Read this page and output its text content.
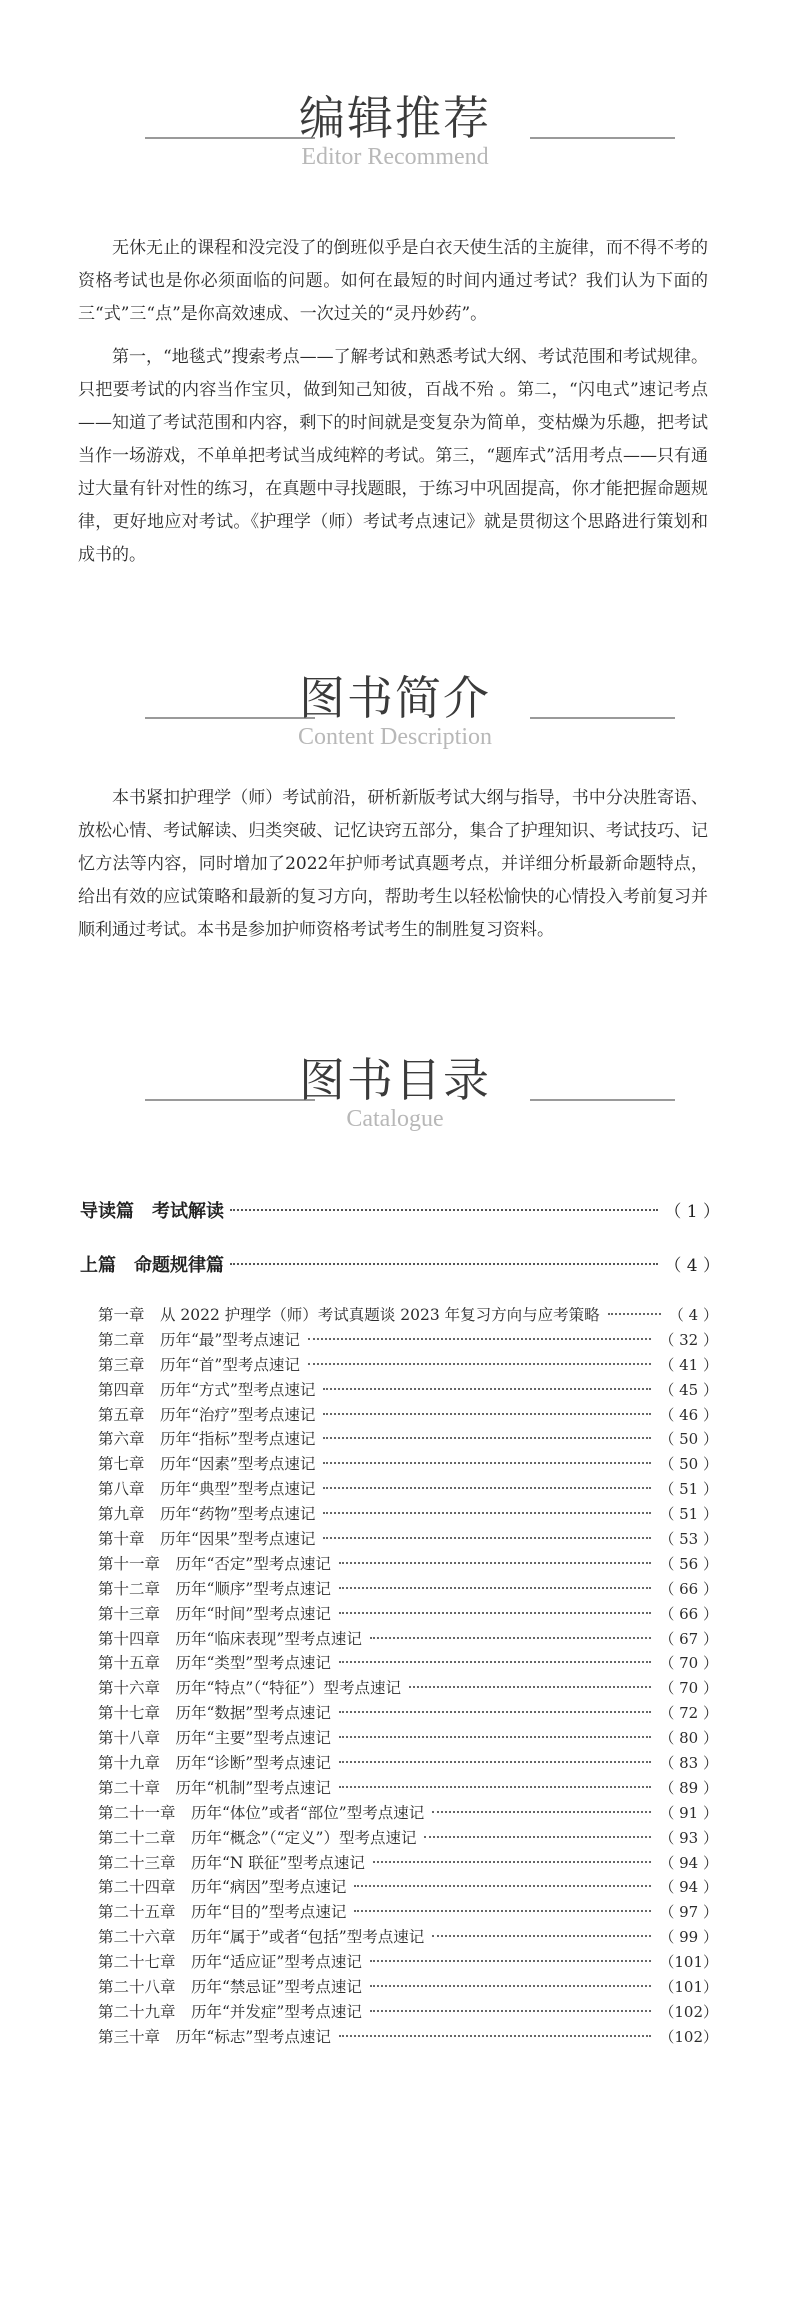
编辑推荐
Editor Recommend

无休无止的课程和没完没了的倒班似乎是白衣天使生活的主旋律，而不得不考的资格考试也是你必须面临的问题。如何在最短的时间内通过考试？我们认为下面的三“式”三“点”是你高效速成、一次过关的“灵丹妙药”。

第一，“地毯式”搜索考点——了解考试和熟悉考试大纲、考试范围和考试规律。只把要考试的内容当作宝贝，做到知己知彼，百战不殆 。第二，“闪电式”速记考点——知道了考试范围和内容，剩下的时间就是变复杂为简单，变枯燥为乐趣，把考试当作一场游戏，不单单把考试当成纯粹的考试。第三，“题库式”活用考点——只有通过大量有针对性的练习，在真题中寻找题眼，于练习中巩固提高，你才能把握命题规律，更好地应对考试。《护理学（师）考试考点速记》就是贯彻这个思路进行策划和成书的。

图书简介
Content Description

本书紧扣护理学（师）考试前沿，研析新版考试大纲与指导，书中分决胜寄语、放松心情、考试解读、归类突破、记忆诀窍五部分，集合了护理知识、考试技巧、记忆方法等内容，同时增加了2022年护师考试真题考点，并详细分析最新命题特点，给出有效的应试策略和最新的复习方向，帮助考生以轻松愉快的心情投入考前复习并顺利通过考试。本书是参加护师资格考试考生的制胜复习资料。

图书目录
Catalogue
导读篇　考试解读	（ 1 ）
上篇　命题规律篇	（ 4 ）
第一章　从 2022 护理学（师）考试真题谈 2023 年复习方向与应考策略	（ 4 ）
第二章　历年“最”型考点速记	（ 32 ）
第三章　历年“首”型考点速记	（ 41 ）
第四章　历年“方式”型考点速记	（ 45 ）
第五章　历年“治疗”型考点速记	（ 46 ）
第六章　历年“指标”型考点速记	（ 50 ）
第七章　历年“因素”型考点速记	（ 50 ）
第八章　历年“典型”型考点速记	（ 51 ）
第九章　历年“药物”型考点速记	（ 51 ）
第十章　历年“因果”型考点速记	（ 53 ）
第十一章　历年“否定”型考点速记	（ 56 ）
第十二章　历年“顺序”型考点速记	（ 66 ）
第十三章　历年“时间”型考点速记	（ 66 ）
第十四章　历年“临床表现”型考点速记	（ 67 ）
第十五章　历年“类型”型考点速记	（ 70 ）
第十六章　历年“特点”（“特征”）型考点速记	（ 70 ）
第十七章　历年“数据”型考点速记	（ 72 ）
第十八章　历年“主要”型考点速记	（ 80 ）
第十九章　历年“诊断”型考点速记	（ 83 ）
第二十章　历年“机制”型考点速记	（ 89 ）
第二十一章　历年“体位”或者“部位”型考点速记	（ 91 ）
第二十二章　历年“概念”（“定义”）型考点速记	（ 93 ）
第二十三章　历年“N 联征”型考点速记	（ 94 ）
第二十四章　历年“病因”型考点速记	（ 94 ）
第二十五章　历年“目的”型考点速记	（ 97 ）
第二十六章　历年“属于”或者“包括”型考点速记	（ 99 ）
第二十七章　历年“适应证”型考点速记	（101）
第二十八章　历年“禁忌证”型考点速记	（101）
第二十九章　历年“并发症”型考点速记	（102）
第三十章　历年“标志”型考点速记	（102）
